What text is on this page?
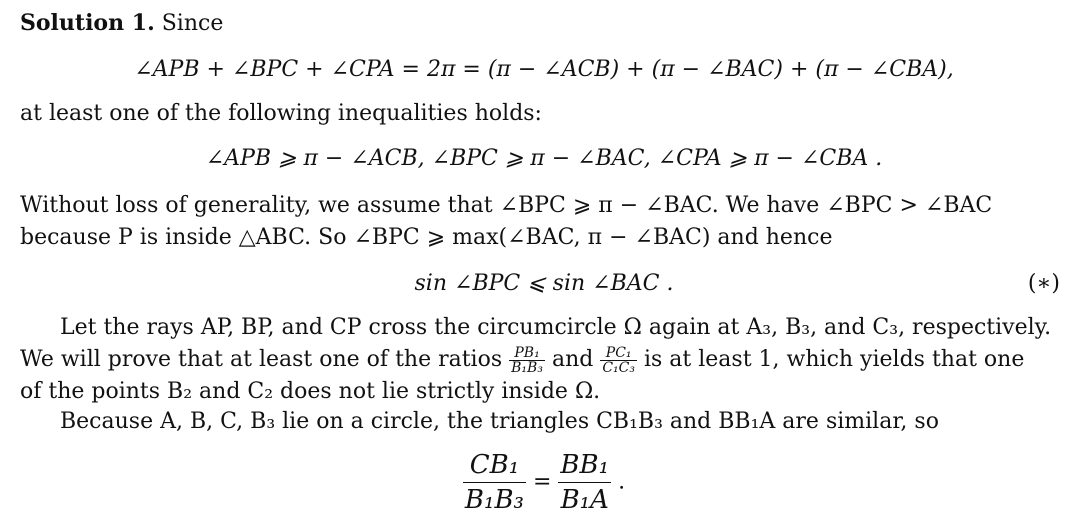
Solution 1. Since
∠APB + ∠BPC + ∠CPA = 2π = (π − ∠ACB) + (π − ∠BAC) + (π − ∠CBA),
at least one of the following inequalities holds:
∠APB ⩾ π − ∠ACB, ∠BPC ⩾ π − ∠BAC, ∠CPA ⩾ π − ∠CBA .
Without loss of generality, we assume that ∠BPC ⩾ π − ∠BAC. We have ∠BPC > ∠BAC
because P is inside △ABC. So ∠BPC ⩾ max(∠BAC, π − ∠BAC) and hence
sin ∠BPC ⩽ sin ∠BAC .	(∗)
Let the rays AP, BP, and CP cross the circumcircle Ω again at A₃, B₃, and C₃, respectively.
We will prove that at least one of the ratios $\frac{\text{PB₁}}{\text{B₁B₃}}$ and $\frac{\text{PC₁}}{\text{C₁C₃}}$ is at least 1, which yields that one
of the points B₂ and C₂ does not lie strictly inside Ω.
Because A, B, C, B₃ lie on a circle, the triangles CB₁B₃ and BB₁A are similar, so
$\frac{\text{CB₁}}{\text{B₁B₃}} = \frac{\text{BB₁}}{\text{B₁A}}$ .
